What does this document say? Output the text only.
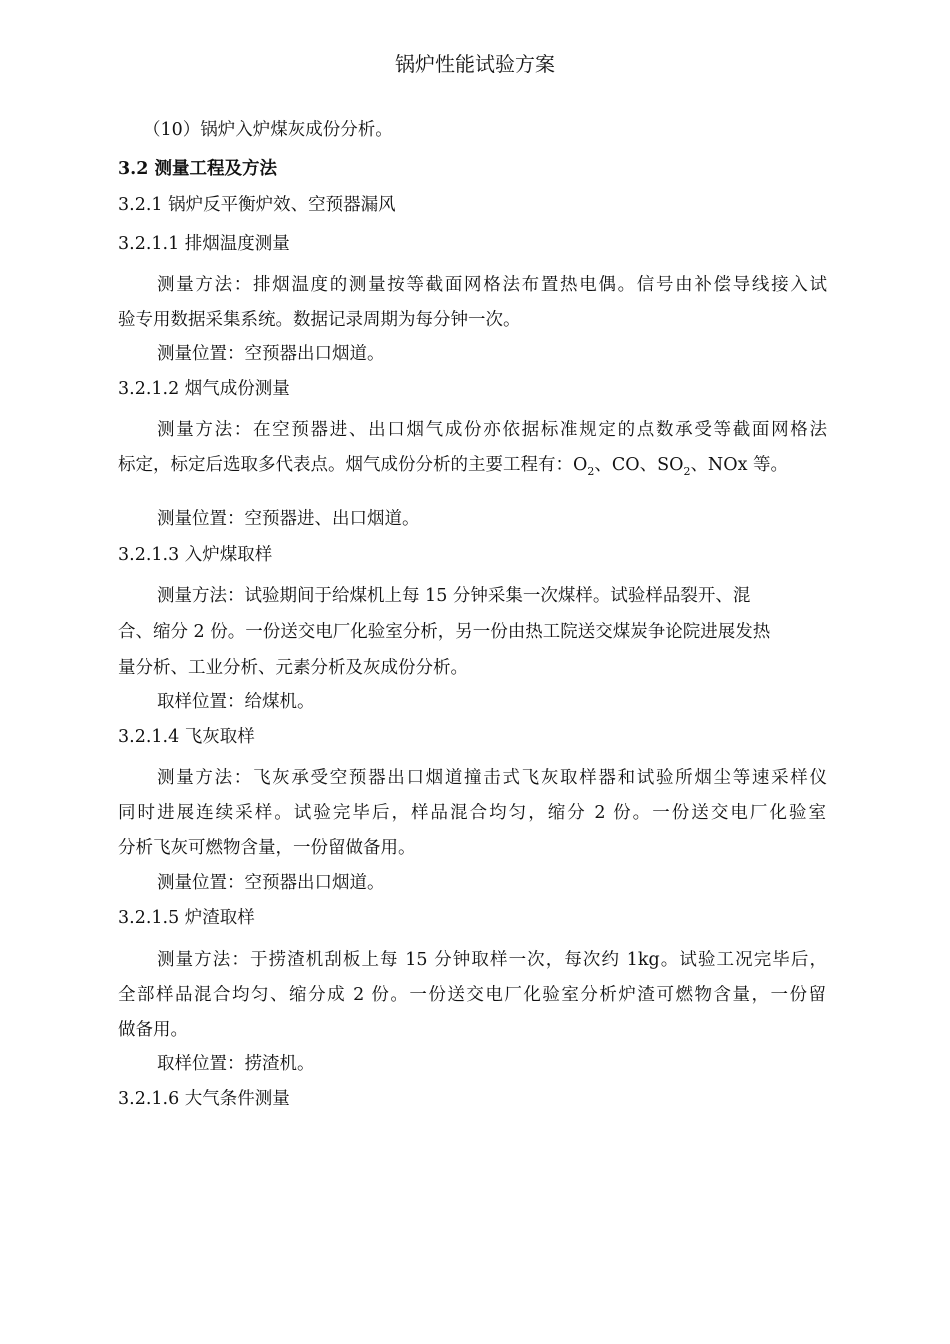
锅炉性能试验方案
（10）锅炉入炉煤灰成份分析。
3.2 测量工程及方法
3.2.1 锅炉反平衡炉效、空预器漏风
3.2.1.1 排烟温度测量
测量方法：排烟温度的测量按等截面网格法布置热电偶。信号由补偿导线接入试
验专用数据采集系统。数据记录周期为每分钟一次。
测量位置：空预器出口烟道。
3.2.1.2 烟气成份测量
测量方法：在空预器进、出口烟气成份亦依据标准规定的点数承受等截面网格法
标定，标定后选取多代表点。烟气成份分析的主要工程有：$O_2$、CO、$SO_2$、NOx 等。
测量位置：空预器进、出口烟道。
3.2.1.3 入炉煤取样
测量方法：试验期间于给煤机上每 15 分钟采集一次煤样。试验样品裂开、混
合、缩分 2 份。一份送交电厂化验室分析，另一份由热工院送交煤炭争论院进展发热
量分析、工业分析、元素分析及灰成份分析。
取样位置：给煤机。
3.2.1.4 飞灰取样
测量方法：飞灰承受空预器出口烟道撞击式飞灰取样器和试验所烟尘等速采样仪
同时进展连续采样。试验完毕后，样品混合均匀，缩分 2 份。一份送交电厂化验室
分析飞灰可燃物含量，一份留做备用。
测量位置：空预器出口烟道。
3.2.1.5 炉渣取样
测量方法：于捞渣机刮板上每 15 分钟取样一次，每次约 1kg。试验工况完毕后，
全部样品混合均匀、缩分成 2 份。一份送交电厂化验室分析炉渣可燃物含量，一份留
做备用。
取样位置：捞渣机。
3.2.1.6 大气条件测量
